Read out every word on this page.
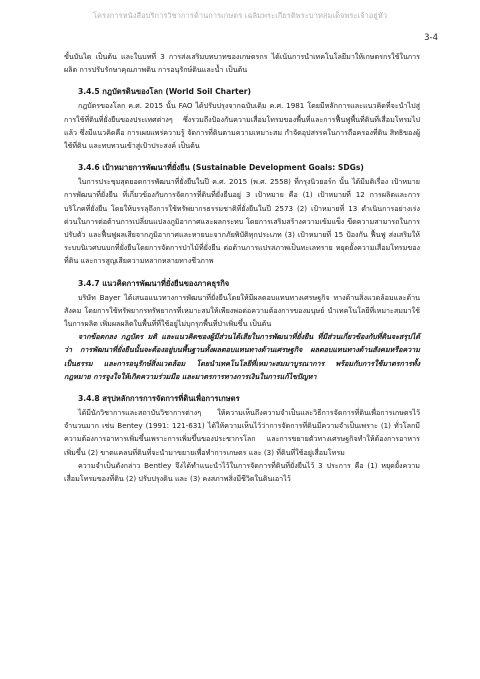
โครงการหนังสือบริการวิชาการด้านการเกษตร เฉลิมพระเกียรติพระบาทสมเด็จพระเจ้าอยู่หัว
3-4

ขั้นบันได เป็นต้น และในบทที่ 3 การส่งเสริมบทบาทของเกษตรกร ได้เน้นการนำเทคโนโลยีมาให้เกษตรกรใช้ในการผลิต การปรับรักษาคุณภาพดิน การอนุรักษ์ดินและน้ำ เป็นต้น

3.4.5 กฎบัตรดินของโลก (World Soil Charter)

กฎบัตรของโลก ค.ศ. 2015 นั้น FAO ได้ปรับปรุงจากฉบับเดิม ค.ศ. 1981 โดยมีหลักการและแนวคิดที่จะนำไปสู่การใช้ที่ดินที่ยั่งยืนของประเทศต่างๆ ซึ่งรวมถึงป้องกันความเสื่อมโทรมของพื้นที่และการฟื้นฟูพื้นที่ดินที่เสื่อมโทรมไปแล้ว ซึ่งมีแนวคิดคือ การเผยแพร่ความรู้ จัดการที่ดินตามความเหมาะสม กำจัดอุปสรรคในการถือครองที่ดิน สิทธิของผู้ใช้ที่ดิน และทบทวนเข้าสู่เป้าประสงค์ เป็นต้น

3.4.6 เป้าหมายการพัฒนาที่ยั่งยืน (Sustainable Development Goals: SDGs)

ในการประชุมสุดยอดการพัฒนาที่ยั่งยืนในปี ค.ศ. 2015 (พ.ศ. 2558) ที่กรุงนิวยอร์ก นั้น ได้มีมติเรื่อง เป้าหมายการพัฒนาที่ยั่งยืน ที่เกี่ยวข้องกับการจัดการที่ดินที่ยั่งยืนอยู่ 3 เป้าหมาย คือ (1) เป้าหมายที่ 12 การผลิตและการบริโภคที่ยั่งยืน โดยให้บรรลุถึงการใช้ทรัพยากรธรรมชาติที่ยั่งยืนในปี 2573 (2) เป้าหมายที่ 13 ดำเนินการอย่างเร่งด่วนในการต่อต้านการเปลี่ยนแปลงภูมิอากาศและผลกระทบ โดยการเสริมสร้างความเข้มแข็ง ขีดความสามารถในการปรับตัว และฟื้นฟูผลเสียจากภูมิอากาศและหายนะจากภัยพิบัติทุกประเภท (3) เป้าหมายที่ 15 ป้องกัน ฟื้นฟู ส่งเสริมให้ระบบนิเวศบนบกที่ยั่งยืนโดยการจัดการป่าไม้ที่ยั่งยืน ต่อต้านการแปรสภาพเป็นทะเลทราย หยุดยั้งความเสื่อมโทรมของที่ดิน และการสูญเสียความหลากหลายทางชีวภาพ

3.4.7 แนวคิดการพัฒนาที่ยั่งยืนของภาคธุรกิจ

บริษัท Bayer ได้เสนอแนวทางการพัฒนาที่ยั่งยืนโดยให้มีผลตอบแทนทางเศรษฐกิจ ทางด้านสิ่งแวดล้อมและด้านสังคม โดยการใช้ทรัพยากรทรัพยากรที่เหมาะสมให้เพียงพอต่อความต้องการของมนุษย์ นำเทคโนโลยีที่เหมาะสมมาใช้ในการผลิต เพิ่มผลผลิตในพื้นที่ที่ใช้อยู่ไม่บุกรุกพื้นที่ป่าเพิ่มขึ้น เป็นต้น

จากข้อตกลง กฎบัตร มติ และแนวคิดของผู้มีส่วนได้เสียในการพัฒนาที่ยั่งยืน ที่มีส่วนเกี่ยวข้องกับที่ดินจะสรุปได้ว่า การพัฒนาที่ยั่งยืนนั้นจะต้องอยู่บนพื้นฐานทั้งผลตอบแทนทางด้านเศรษฐกิจ ผลตอบแทนทางด้านสังคมหรือความเป็นธรรม และการอนุรักษ์สิ่งแวดล้อม โดยนำเทคโนโลยีที่เหมาะสมมาบูรณาการ พร้อมกับการใช้มาตรการทั้งกฎหมาย การจูงใจให้เกิดความร่วมมือ และมาตรการทางการเงินในการแก้ไขปัญหา

3.4.8 สรุปหลักการการจัดการที่ดินเพื่อการเกษตร

ได้มีนักวิชาการและสถาบันวิชาการต่างๆ ให้ความเห็นถึงความจำเป็นและวิธีการจัดการที่ดินเพื่อการเกษตรไว้จำนวนมาก เช่น Bentey (1991: 121-631) ได้ให้ความเห็นไว้ว่าการจัดการที่ดินมีความจำเป็นเพราะ (1) ทั่วโลกมีความต้องการอาหารเพิ่มขึ้นเพราะการเพิ่มขึ้นของประชากรโลก และการขยายตัวทางเศรษฐกิจทำให้ต้องการอาหารเพิ่มขึ้น (2) ขาดแคลนที่ดินที่จะนำมาขยายเพื่อทำการเกษตร และ (3) ที่ดินที่ใช้อยู่เสื่อมโทรม

ความจำเป็นดังกล่าว Bentley จึงได้ทำแนะนำไว้ในการจัดการที่ดินที่ยั่งยืนไว้ 3 ประการ คือ (1) หยุดยั้งความเสื่อมโทรมของที่ดิน (2) ปรับปรุงดิน และ (3) คงสภาพสิ่งมีชีวิตในดินเอาไว้
